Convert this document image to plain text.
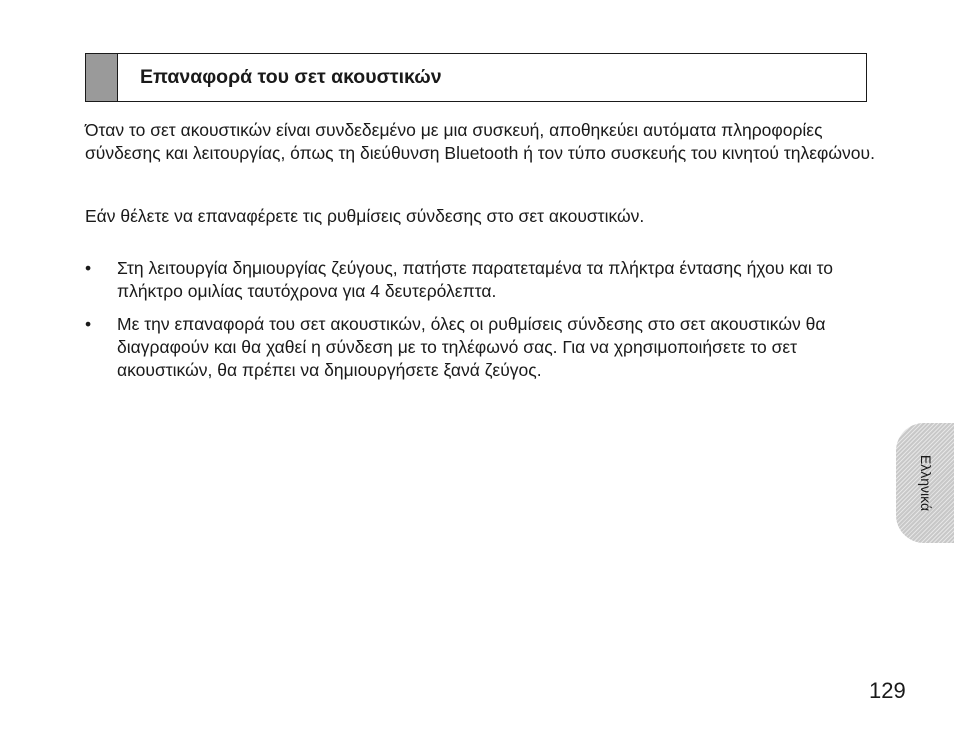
Επαναφορά του σετ ακουστικών

Όταν το σετ ακουστικών είναι συνδεδεμένο με μια συσκευή, αποθηκεύει αυτόματα πληροφορίες σύνδεσης και λειτουργίας, όπως τη διεύθυνση Bluetooth ή τον τύπο συσκευής του κινητού τηλεφώνου.

Εάν θέλετε να επαναφέρετε τις ρυθμίσεις σύνδεσης στο σετ ακουστικών.

• Στη λειτουργία δημιουργίας ζεύγους, πατήστε παρατεταμένα τα πλήκτρα έντασης ήχου και το πλήκτρο ομιλίας ταυτόχρονα για 4 δευτερόλεπτα.
• Με την επαναφορά του σετ ακουστικών, όλες οι ρυθμίσεις σύνδεσης στο σετ ακουστικών θα διαγραφούν και θα χαθεί η σύνδεση με το τηλέφωνό σας. Για να χρησιμοποιήσετε το σετ ακουστικών, θα πρέπει να δημιουργήσετε ξανά ζεύγος.
Ελληνικά
129
